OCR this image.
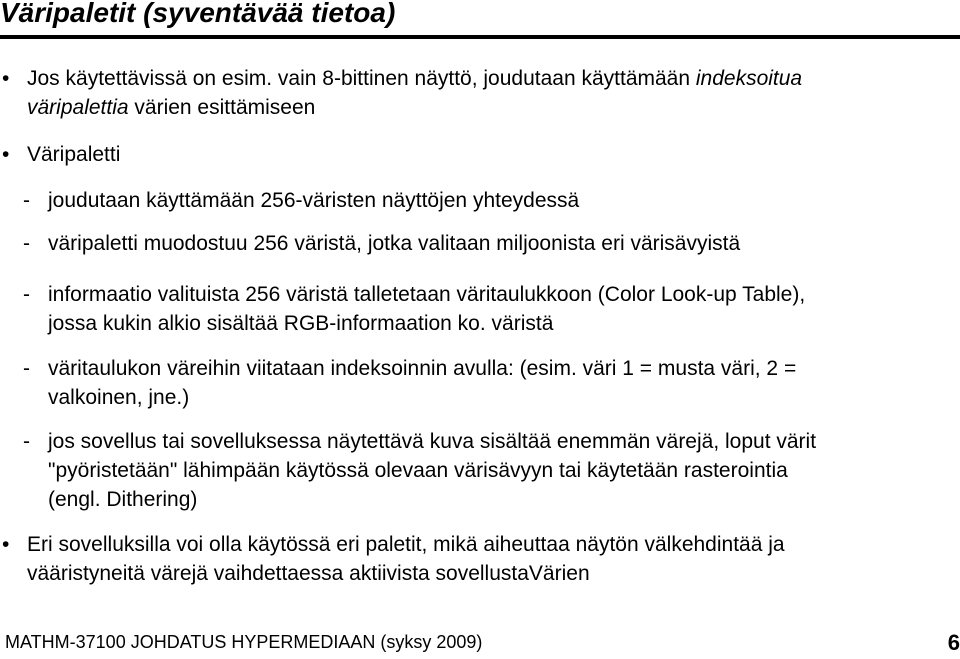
Väripaletit (syventävää tietoa)
• Jos käytettävissä on esim. vain 8-bittinen näyttö, joudutaan käyttämään indeksoitua
väripalettia värien esittämiseen
• Väripaletti
- joudutaan käyttämään 256-väristen näyttöjen yhteydessä
- väripaletti muodostuu 256 väristä, jotka valitaan miljoonista eri värisävyistä
- informaatio valituista 256 väristä talletetaan väritaulukkoon (Color Look-up Table),
jossa kukin alkio sisältää RGB-informaation ko. väristä
- väritaulukon väreihin viitataan indeksoinnin avulla: (esim. väri 1 = musta väri, 2 =
valkoinen, jne.)
- jos sovellus tai sovelluksessa näytettävä kuva sisältää enemmän värejä, loput värit
"pyöristetään" lähimpään käytössä olevaan värisävyyn tai käytetään rasterointia
(engl. Dithering)
• Eri sovelluksilla voi olla käytössä eri paletit, mikä aiheuttaa näytön välkehdintää ja
vääristyneitä värejä vaihdettaessa aktiivista sovellustaVärien
MATHM-37100 JOHDATUS HYPERMEDIAAN (syksy 2009)	6
